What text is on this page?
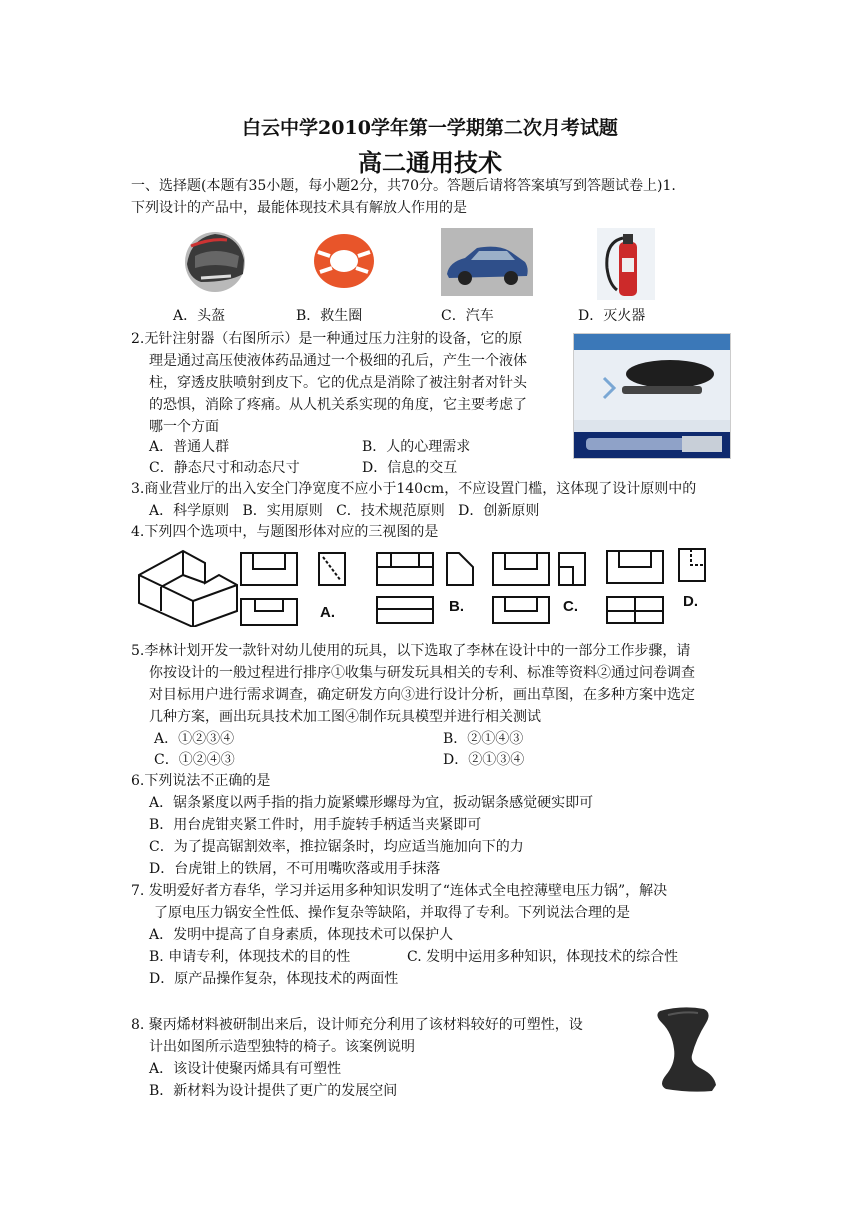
白云中学2010学年第一学期第二次月考试题
高二通用技术
一、选择题(本题有35小题，每小题2分，共70分。答题后请将答案填写到答题试卷上)1.
下列设计的产品中，最能体现技术具有解放人作用的是
A．头盔	B．救生圈	C．汽车	D．灭火器
2.无针注射器（右图所示）是一种通过压力注射的设备，它的原
理是通过高压使液体药品通过一个极细的孔后，产生一个液体
柱，穿透皮肤喷射到皮下。它的优点是消除了被注射者对针头
的恐惧，消除了疼痛。从人机关系实现的角度，它主要考虑了
哪一个方面
A．普通人群	B．人的心理需求
C．静态尺寸和动态尺寸	D．信息的交互
3.商业营业厅的出入安全门净宽度不应小于140cm，不应设置门槛，这体现了设计原则中的
A．科学原则   B．实用原则   C．技术规范原则   D．创新原则
4.下列四个选项中，与题图形体对应的三视图的是
A.	B.	C.	D.
5.李林计划开发一款针对幼儿使用的玩具，以下选取了李林在设计中的一部分工作步骤，请
你按设计的一般过程进行排序①收集与研发玩具相关的专利、标准等资料②通过问卷调查
对目标用户进行需求调查，确定研发方向③进行设计分析，画出草图，在多种方案中选定
几种方案，画出玩具技术加工图④制作玩具模型并进行相关测试
A．①②③④	B．②①④③
C．①②④③	D．②①③④
6.下列说法不正确的是
A．锯条紧度以两手指的指力旋紧蝶形螺母为宜，扳动锯条感觉硬实即可
B．用台虎钳夹紧工件时，用手旋转手柄适当夹紧即可
C．为了提高锯割效率，推拉锯条时，均应适当施加向下的力
D．台虎钳上的铁屑，不可用嘴吹落或用手抹落
7. 发明爱好者方春华，学习并运用多种知识发明了“连体式全电控薄壁电压力锅”，解决
了原电压力锅安全性低、操作复杂等缺陷，并取得了专利。下列说法合理的是
A．发明中提高了自身素质，体现技术可以保护人
B. 申请专利，体现技术的目的性	C. 发明中运用多种知识，体现技术的综合性
D．原产品操作复杂，体现技术的两面性
8. 聚丙烯材料被研制出来后，设计师充分利用了该材料较好的可塑性，设
计出如图所示造型独特的椅子。该案例说明
A．该设计使聚丙烯具有可塑性
B．新材料为设计提供了更广的发展空间
